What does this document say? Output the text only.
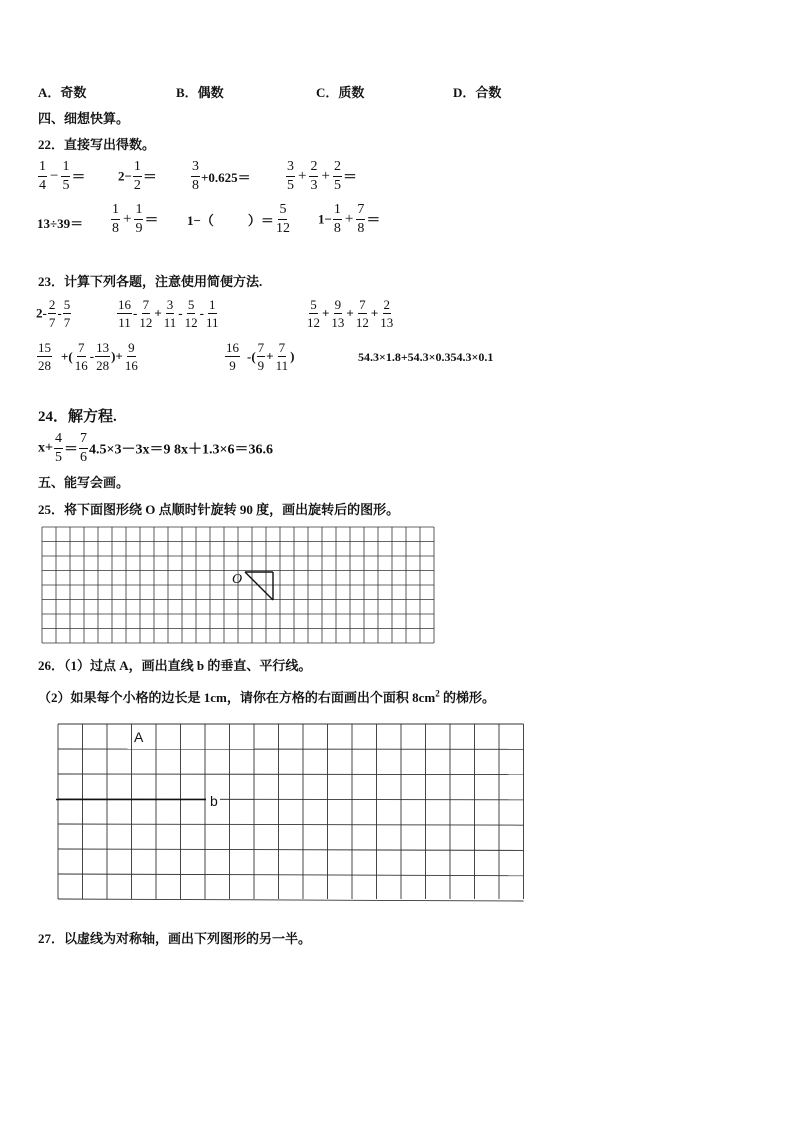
A．奇数	B．偶数	C．质数	D．合数
四、细想快算。
22．直接写出得数。
$\frac{1}{4} - \frac{1}{5}$ ＝	$2- \frac{1}{2} = \frac{3}{8} +0.625=$	$\frac{3}{5} + \frac{2}{3} + \frac{2}{5}$ ＝
$13\div 39= \frac{1}{8} + \frac{1}{9} = 1-$（	）＝ $\frac{5}{12} 1- \frac{1}{8} + \frac{7}{8}$ ＝
23．计算下列各题，注意使用简便方法.
$2- \frac{2}{7} - \frac{5}{7}$	$\frac{16}{11} - \frac{7}{12} + \frac{3}{11} - \frac{5}{12} - \frac{1}{11}$	$\frac{5}{12} + \frac{9}{13} + \frac{7}{12} + \frac{2}{13}$
$\frac{15}{28}$ +( $\frac{7}{16} - \frac{13}{28}$ )+ $\frac{9}{16}$	$\frac{16}{9}$ -( $\frac{7}{9} + \frac{7}{11}$ )	54.3×1.8+54.3×0.354.3×0.1
24．解方程.
$x+ \frac{4}{5} = \frac{7}{6} 4.5\times 3-3x=9$ 8x＋1.3×6＝36.6
五、能写会画。
25．将下面图形绕 O 点顺时针旋转 90 度，画出旋转后的图形。
O
26．（1）过点 A，画出直线 b 的垂直、平行线。
（2）如果每个小格的边长是 1cm，请你在方格的右面画出个面积 $8cm^2$ 的梯形。
b
A
27．以虚线为对称轴，画出下列图形的另一半。
